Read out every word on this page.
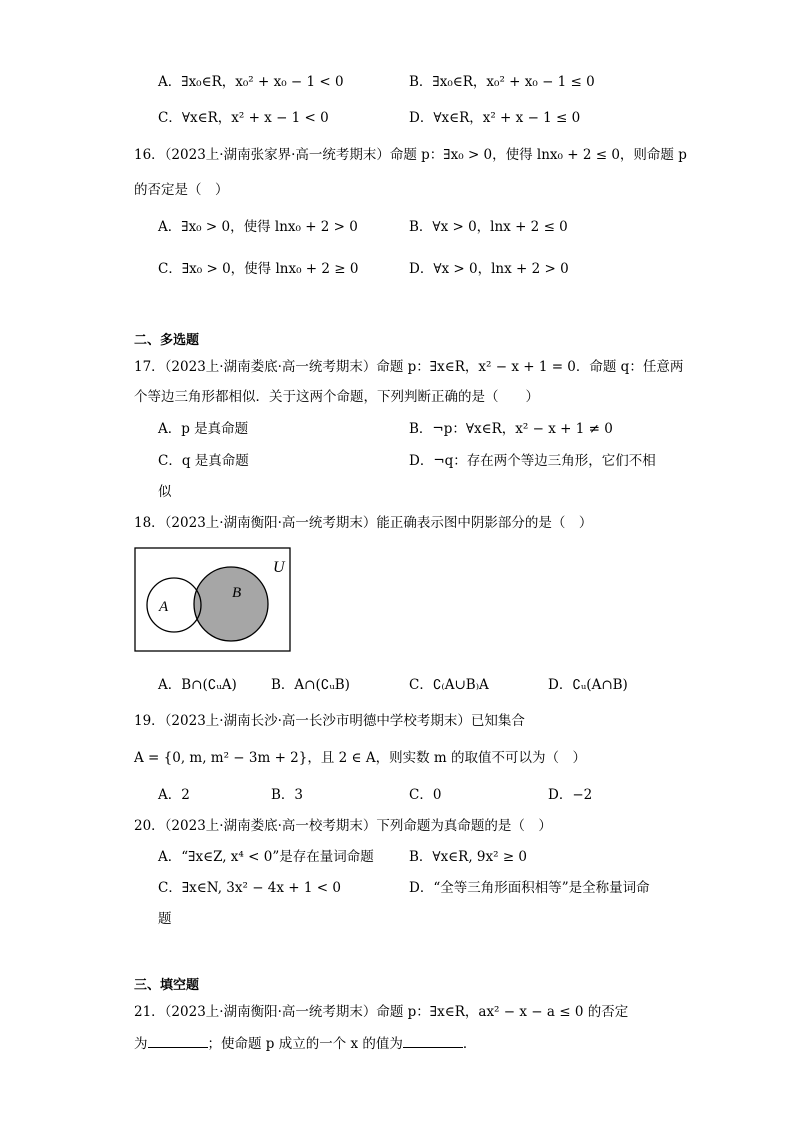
A．∃x₀∈R，x₀² + x₀ − 1 < 0	B．∃x₀∈R，x₀² + x₀ − 1 ≤ 0
C．∀x∈R，x² + x − 1 < 0	D．∀x∈R，x² + x − 1 ≤ 0
16．（2023上·湖南张家界·高一统考期末）命题 p：∃x₀ > 0，使得 lnx₀ + 2 ≤ 0，则命题 p
的否定是（　）
A．∃x₀ > 0，使得 lnx₀ + 2 > 0	B．∀x > 0，lnx + 2 ≤ 0
C．∃x₀ > 0，使得 lnx₀ + 2 ≥ 0	D．∀x > 0，lnx + 2 > 0
二、多选题
17．（2023上·湖南娄底·高一统考期末）命题 p：∃x∈R，x² − x + 1 = 0．命题 q：任意两
个等边三角形都相似．关于这两个命题，下列判断正确的是（　　）
A．p 是真命题	B．¬p：∀x∈R，x² − x + 1 ≠ 0
C．q 是真命题	D．¬q：存在两个等边三角形，它们不相
似
18．（2023上·湖南衡阳·高一统考期末）能正确表示图中阴影部分的是（　）
U
A
B
A．B∩(∁ᵤA)	B．A∩(∁ᵤB)	C．∁₍A∪B₎A	D．∁ᵤ(A∩B)
19．（2023上·湖南长沙·高一长沙市明德中学校考期末）已知集合
A = {0, m, m² − 3m + 2}，且 2 ∈ A，则实数 m 的取值不可以为（　）
A．2	B．3	C．0	D．−2
20．（2023上·湖南娄底·高一校考期末）下列命题为真命题的是（　）
A．“∃x∈Z, x⁴ < 0”是存在量词命题	B．∀x∈R, 9x² ≥ 0
C．∃x∈N, 3x² − 4x + 1 < 0	D．“全等三角形面积相等”是全称量词命
题
三、填空题
21．（2023上·湖南衡阳·高一统考期末）命题 p：∃x∈R，ax² − x − a ≤ 0 的否定
为	；使命题 p 成立的一个 x 的值为	．
